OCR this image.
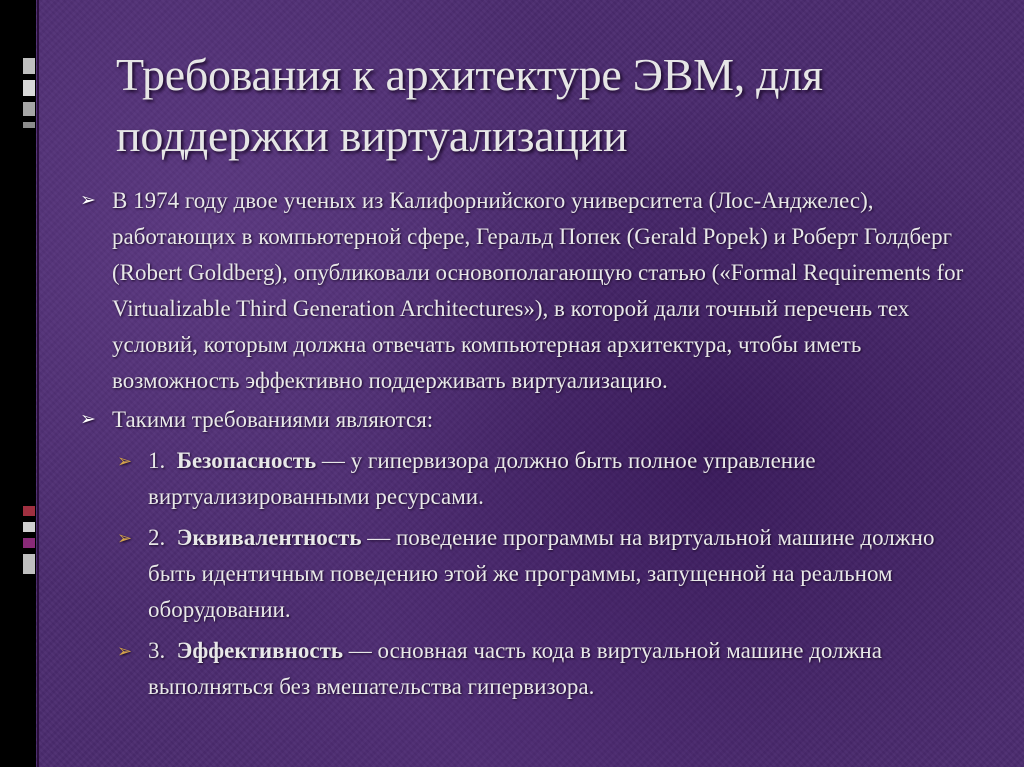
Требования к архитектуре ЭВМ, для поддержки виртуализации
➢ В 1974 году двое ученых из Калифорнийского университета (Лос-Анджелес), работающих в компьютерной сфере, Геральд Попек (Gerald Popek) и Роберт Голдберг (Robert Goldberg), опубликовали основополагающую статью («Formal Requirements for Virtualizable Third Generation Architectures»), в которой дали точный перечень тех условий, которым должна отвечать компьютерная архитектура, чтобы иметь возможность эффективно поддерживать виртуализацию.
➢ Такими требованиями являются:
➢ 1. Безопасность — у гипервизора должно быть полное управление виртуализированными ресурсами.
➢ 2. Эквивалентность — поведение программы на виртуальной машине должно быть идентичным поведению этой же программы, запущенной на реальном оборудовании.
➢ 3. Эффективность — основная часть кода в виртуальной машине должна выполняться без вмешательства гипервизора.
